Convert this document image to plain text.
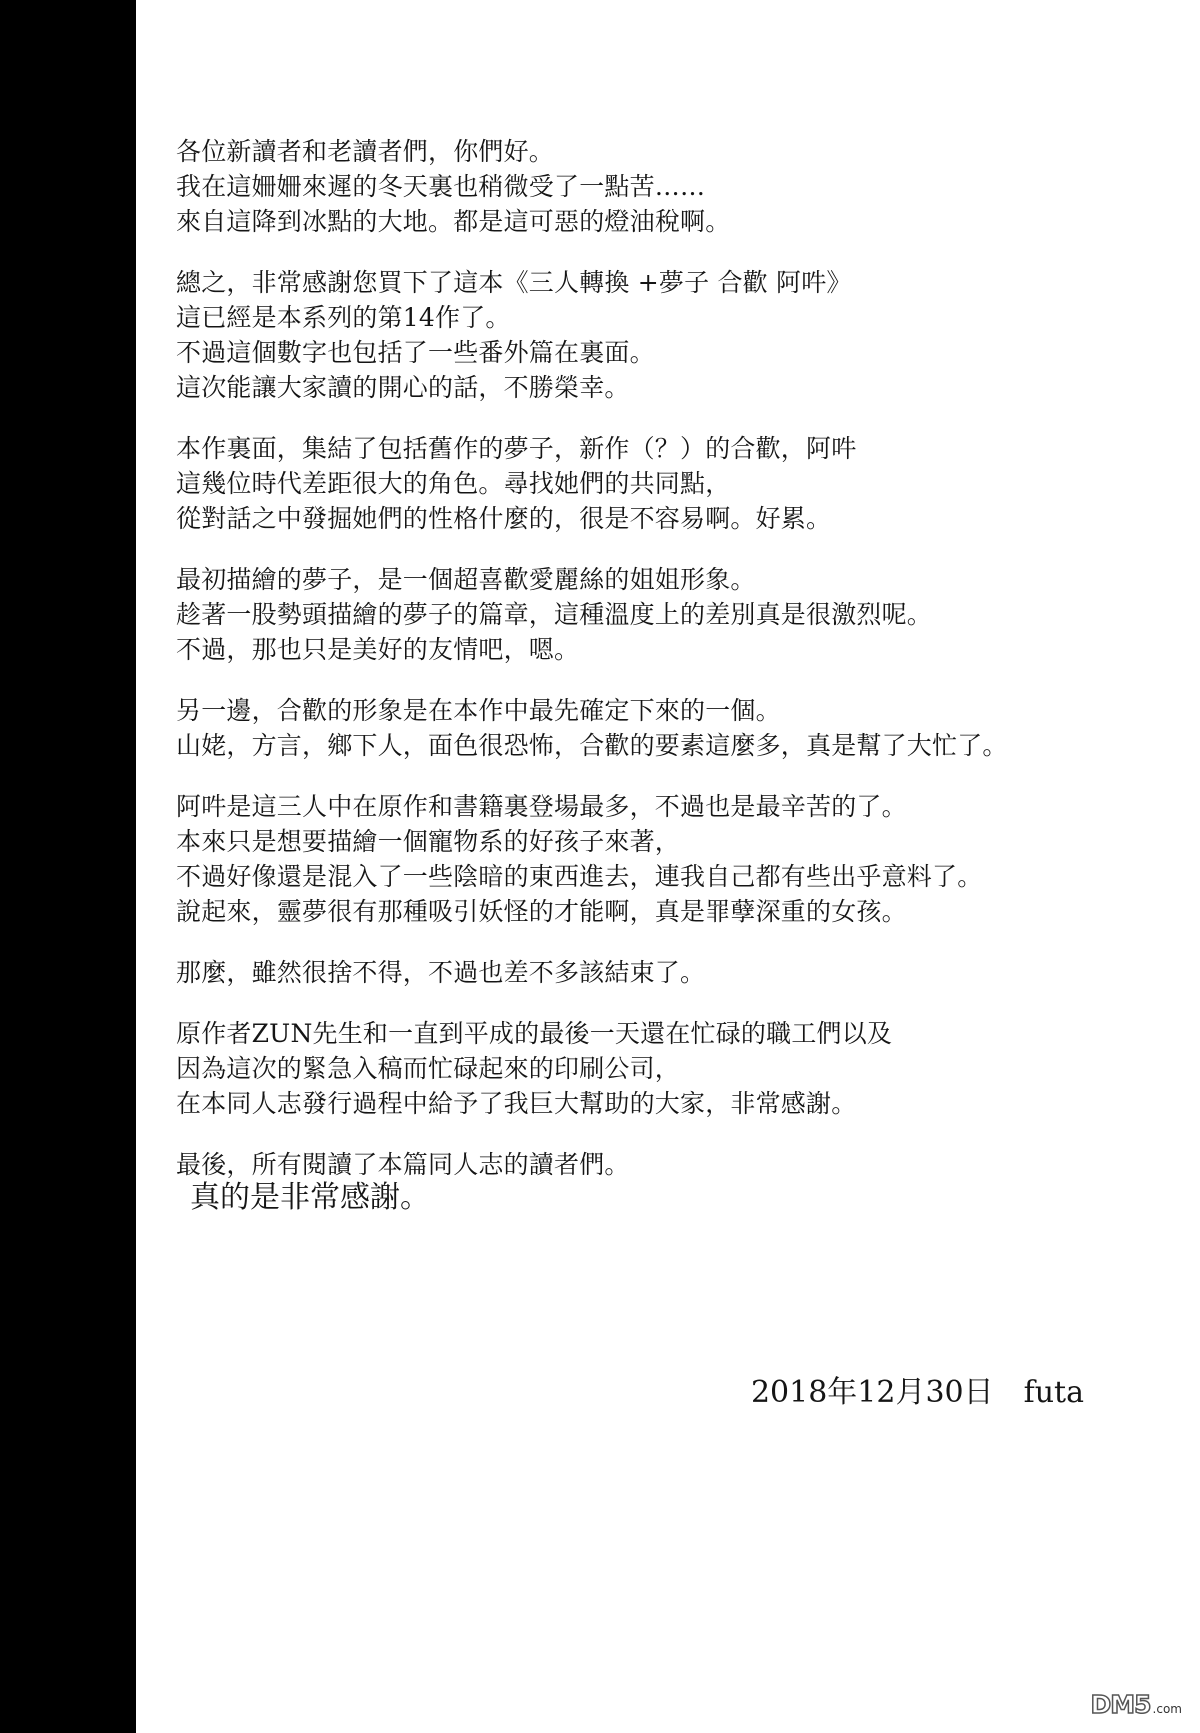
各位新讀者和老讀者們，你們好。
我在這姍姍來遲的冬天裏也稍微受了一點苦……
來自這降到冰點的大地。都是這可惡的燈油稅啊。
總之，非常感謝您買下了這本《三人轉換 +夢子 合歡 阿吽》
這已經是本系列的第14作了。
不過這個數字也包括了一些番外篇在裏面。
這次能讓大家讀的開心的話，不勝榮幸。
本作裏面，集結了包括舊作的夢子，新作（？）的合歡，阿吽
這幾位時代差距很大的角色。尋找她們的共同點，
從對話之中發掘她們的性格什麼的，很是不容易啊。好累。
最初描繪的夢子，是一個超喜歡愛麗絲的姐姐形象。
趁著一股勢頭描繪的夢子的篇章，這種溫度上的差別真是很激烈呢。
不過，那也只是美好的友情吧，嗯。
另一邊，合歡的形象是在本作中最先確定下來的一個。
山姥，方言，鄉下人，面色很恐怖，合歡的要素這麼多，真是幫了大忙了。
阿吽是這三人中在原作和書籍裏登場最多，不過也是最辛苦的了。
本來只是想要描繪一個寵物系的好孩子來著，
不過好像還是混入了一些陰暗的東西進去，連我自己都有些出乎意料了。
說起來，靈夢很有那種吸引妖怪的才能啊，真是罪孽深重的女孩。
那麼，雖然很捨不得，不過也差不多該結束了。
原作者ZUN先生和一直到平成的最後一天還在忙碌的職工們以及
因為這次的緊急入稿而忙碌起來的印刷公司，
在本同人志發行過程中給予了我巨大幫助的大家，非常感謝。
最後，所有閱讀了本篇同人志的讀者們。
真的是非常感謝。
2018年12月30日　futa
DM5 .com
